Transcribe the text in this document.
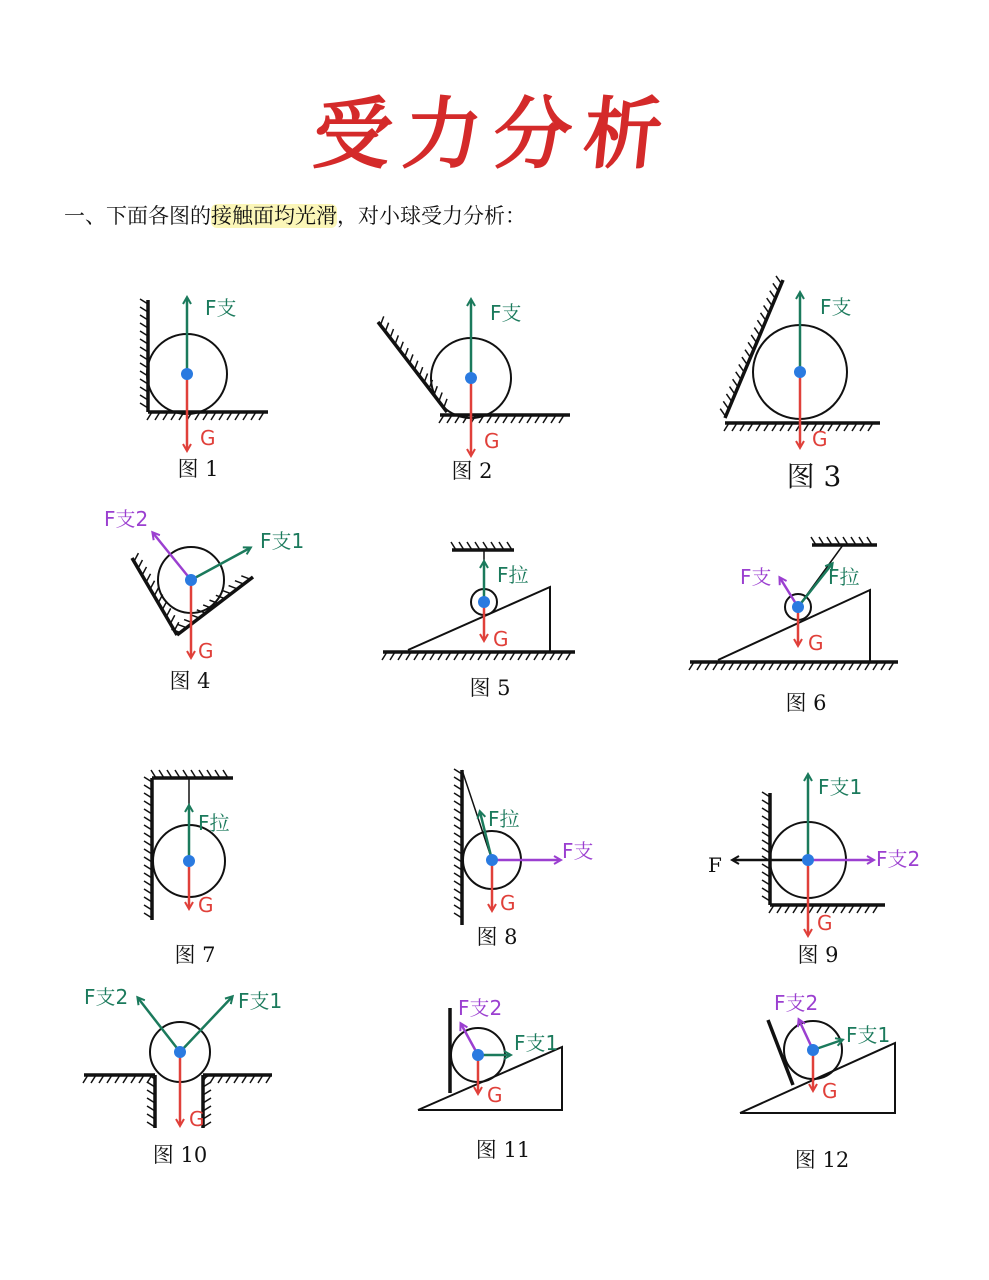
受力分析
一、下面各图的接触面均光滑，对小球受力分析：
F支
G
图 1
F支
G
图 2
F支
G
图 3
F支2
F支1
G
图 4
F拉
G
图 5
F支	F拉
G
图 6
F拉
G
图 7
F拉
F支
G
图 8
F支1
F支2
F
G
图 9
F支2	F支1
G
图 10
F支2
F支1
G
图 11
F支2
F支1
G
图 12
